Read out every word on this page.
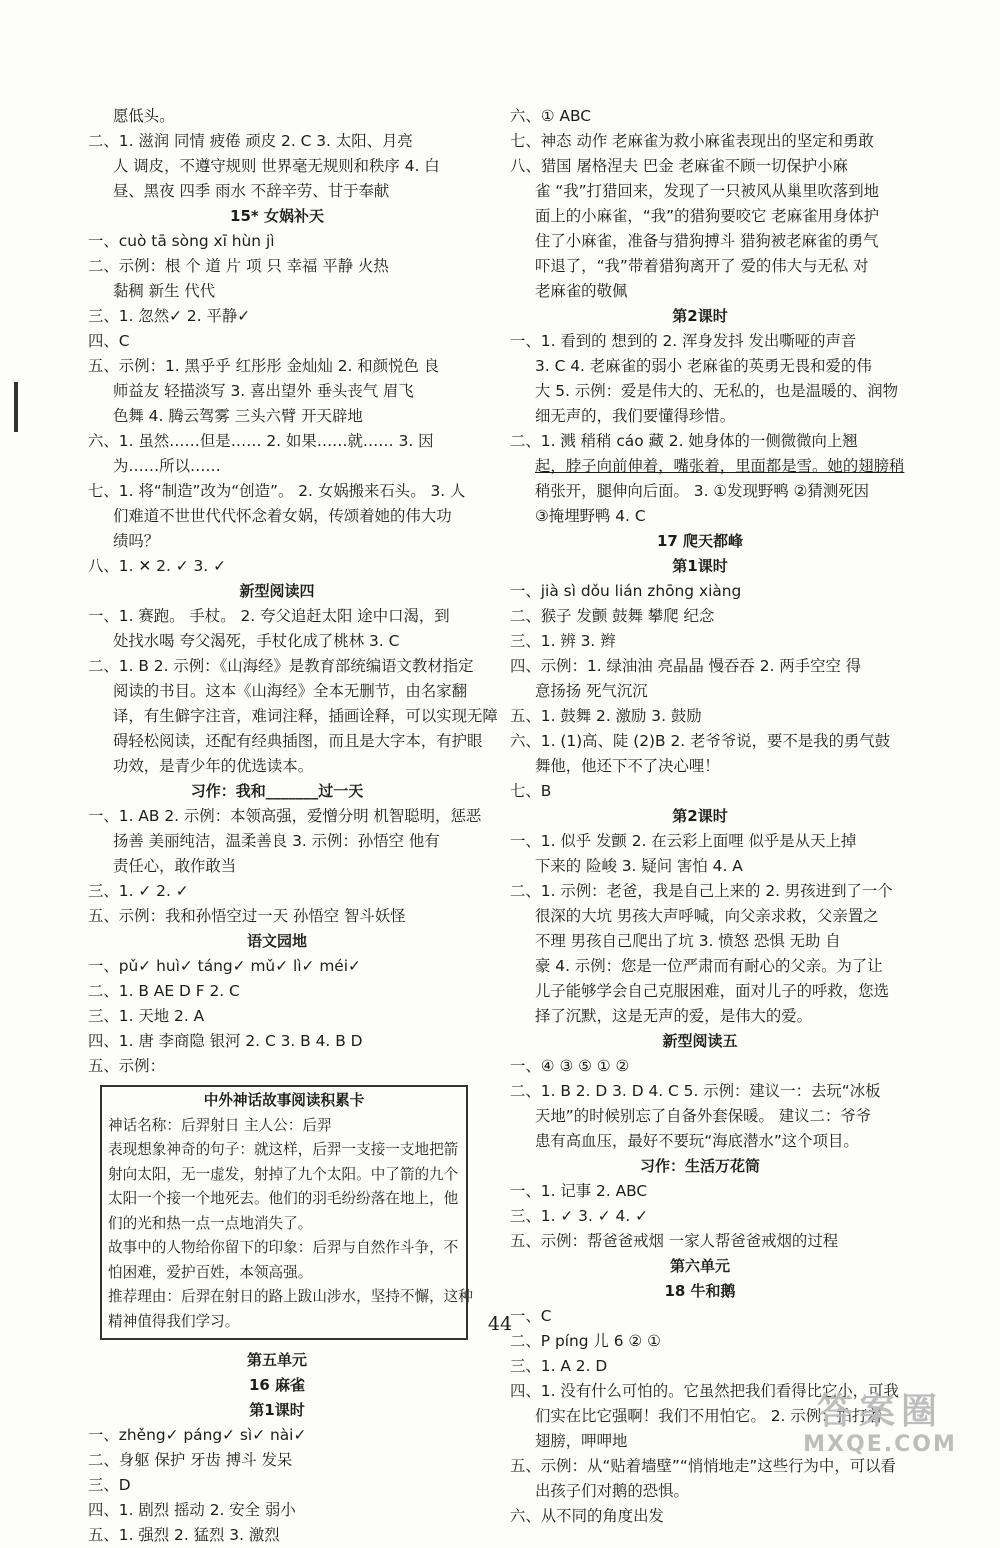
愿低头。
二、1. 滋润 同情 疲倦 顽皮 2. C 3. 太阳、月亮
人 调皮，不遵守规则 世界毫无规则和秩序 4. 白
昼、黑夜 四季 雨水 不辞辛劳、甘于奉献
15* 女娲补天
一、cuò tā sòng xī hùn jì
二、示例：根 个 道 片 项 只 幸福 平静 火热
黏稠 新生 代代
三、1. 忽然✓ 2. 平静✓
四、C
五、示例：1. 黑乎乎 红彤彤 金灿灿 2. 和颜悦色 良
师益友 轻描淡写 3. 喜出望外 垂头丧气 眉飞
色舞 4. 腾云驾雾 三头六臂 开天辟地
六、1. 虽然……但是…… 2. 如果……就…… 3. 因
为……所以……
七、1. 将“制造”改为“创造”。 2. 女娲搬来石头。 3. 人
们难道不世世代代怀念着女娲，传颂着她的伟大功
绩吗？
八、1. ✕ 2. ✓ 3. ✓
新型阅读四
一、1. 赛跑。 手杖。 2. 夸父追赶太阳 途中口渴，到
处找水喝 夸父渴死，手杖化成了桃林 3. C
二、1. B 2. 示例：《山海经》是教育部统编语文教材指定
阅读的书目。这本《山海经》全本无删节，由名家翻
译，有生僻字注音，难词注释，插画诠释，可以实现无障
碍轻松阅读，还配有经典插图，而且是大字本，有护眼
功效，是青少年的优选读本。
习作：我和_______过一天
一、1. AB 2. 示例：本领高强，爱憎分明 机智聪明，惩恶
扬善 美丽纯洁，温柔善良 3. 示例：孙悟空 他有
责任心，敢作敢当
三、1. ✓ 2. ✓
五、示例：我和孙悟空过一天 孙悟空 智斗妖怪
语文园地
一、pǔ✓ huì✓ táng✓ mǔ✓ lì✓ méi✓
二、1. B AE D F 2. C
三、1. 天地 2. A
四、1. 唐 李商隐 银河 2. C 3. B 4. B D
五、示例：
中外神话故事阅读积累卡
神话名称：后羿射日 主人公：后羿
表现想象神奇的句子：就这样，后羿一支接一支地把箭
射向太阳，无一虚发，射掉了九个太阳。中了箭的九个
太阳一个接一个地死去。他们的羽毛纷纷落在地上，他
们的光和热一点一点地消失了。
故事中的人物给你留下的印象：后羿与自然作斗争，不
怕困难，爱护百姓，本领高强。
推荐理由：后羿在射日的路上跋山涉水，坚持不懈，这种
精神值得我们学习。
第五单元
16 麻雀
第1课时
一、zhěng✓ páng✓ sì✓ nài✓
二、身躯 保护 牙齿 搏斗 发呆
三、D
四、1. 剧烈 摇动 2. 安全 弱小
五、1. 强烈 2. 猛烈 3. 激烈
六、① ABC
七、神态 动作 老麻雀为救小麻雀表现出的坚定和勇敢
八、猎国 屠格涅夫 巴金 老麻雀不顾一切保护小麻
雀 “我”打猎回来，发现了一只被风从巢里吹落到地
面上的小麻雀，“我”的猎狗要咬它 老麻雀用身体护
住了小麻雀，准备与猎狗搏斗 猎狗被老麻雀的勇气
吓退了，“我”带着猎狗离开了 爱的伟大与无私 对
老麻雀的敬佩
第2课时
一、1. 看到的 想到的 2. 浑身发抖 发出嘶哑的声音
3. C 4. 老麻雀的弱小 老麻雀的英勇无畏和爱的伟
大 5. 示例：爱是伟大的、无私的，也是温暖的、润物
细无声的，我们要懂得珍惜。
二、1. 溅 稍稍 cáo 藏 2. 她身体的一侧微微向上翘
起，脖子向前伸着，嘴张着，里面都是雪。她的翅膀稍
稍张开，腿伸向后面。 3. ①发现野鸭 ②猜测死因
③掩埋野鸭 4. C
17 爬天都峰
第1课时
一、jià sì dǒu lián zhōng xiàng
二、猴子 发颤 鼓舞 攀爬 纪念
三、1. 辨 3. 辫
四、示例：1. 绿油油 亮晶晶 慢吞吞 2. 两手空空 得
意扬扬 死气沉沉
五、1. 鼓舞 2. 激励 3. 鼓励
六、1. (1)高、陡 (2)B 2. 老爷爷说，要不是我的勇气鼓
舞他，他还下不了决心哩！
七、B
第2课时
一、1. 似乎 发颤 2. 在云彩上面哩 似乎是从天上掉
下来的 险峻 3. 疑问 害怕 4. A
二、1. 示例：老爸，我是自己上来的 2. 男孩进到了一个
很深的大坑 男孩大声呼喊，向父亲求救，父亲置之
不理 男孩自己爬出了坑 3. 愤怒 恐惧 无助 自
豪 4. 示例：您是一位严肃而有耐心的父亲。为了让
儿子能够学会自己克服困难，面对儿子的呼救，您选
择了沉默，这是无声的爱，是伟大的爱。
新型阅读五
一、④ ③ ⑤ ① ②
二、1. B 2. D 3. D 4. C 5. 示例：建议一：去玩“冰板
天地”的时候别忘了自备外套保暖。 建议二：爷爷
患有高血压，最好不要玩“海底潜水”这个项目。
习作：生活万花筒
一、1. 记事 2. ABC
三、1. ✓ 3. ✓ 4. ✓
五、示例：帮爸爸戒烟 一家人帮爸爸戒烟的过程
第六单元
18 牛和鹅
一、C
二、P píng 儿 6 ② ①
三、1. A 2. D
四、1. 没有什么可怕的。它虽然把我们看得比它小，可我
们实在比它强啊！我们不用怕它。 2. 示例：拍打着
翅膀，呷呷地
五、示例：从“贴着墙壁”“悄悄地走”这些行为中，可以看
出孩子们对鹅的恐惧。
六、从不同的角度出发
44
答案圈
MXQE.COM
